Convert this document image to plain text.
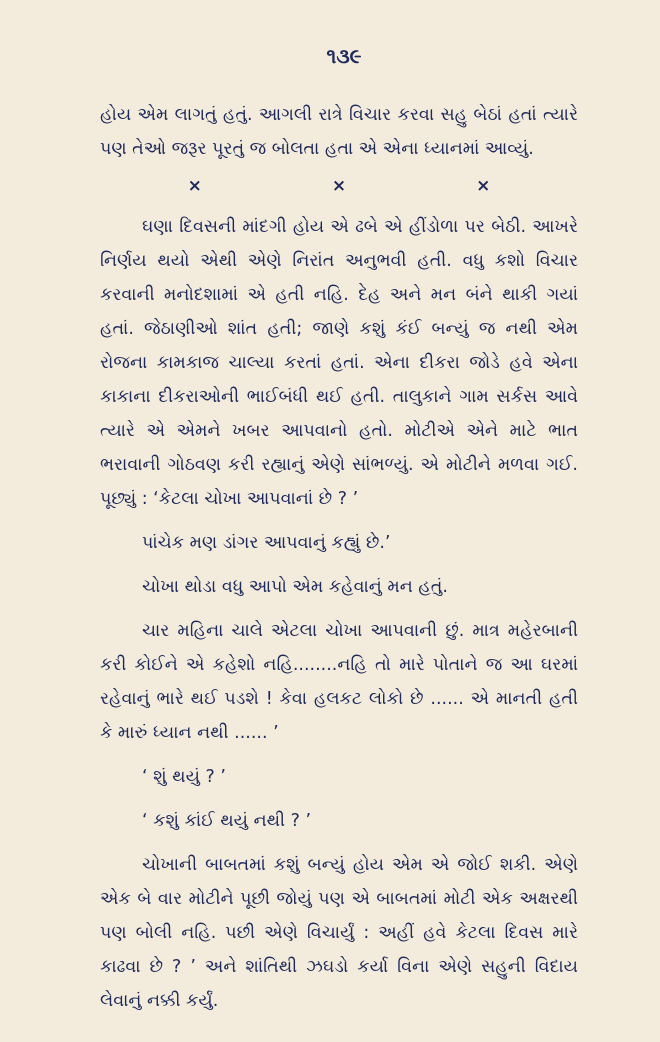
૧૩૯

હોય એમ લાગતું હતું. આગલી રાત્રે વિચાર કરવા સહુ બેઠાં હતાં ત્યારે પણ તેઓ જરૂર પૂરતું જ બોલતા હતા એ એના ધ્યાનમાં આવ્યું.

×	×	×

ઘણા દિવસની માંદગી હોય એ ઢબે એ હીંડોળા પર બેઠી. આખરે નિર્ણય થયો એથી એણે નિરાંત અનુભવી હતી. વધુ કશો વિચાર કરવાની મનોદશામાં એ હતી નહિ. દેહ અને મન બંને થાકી ગયાં હતાં. જેઠાણીઓ શાંત હતી; જાણે કશું કંઈ બન્યું જ નથી એમ રોજના કામકાજ ચાલ્યા કરતાં હતાં. એના દીકરા જોડે હવે એના કાકાના દીકરાઓની ભાઈબંધી થઈ હતી. તાલુકાને ગામ સર્કસ આવે ત્યારે એ એમને ખબર આપવાનો હતો. મોટીએ એને માટે ભાત ભરાવાની ગોઠવણ કરી રહ્યાનું એણે સાંભળ્યું. એ મોટીને મળવા ગઈ. પૂછ્યું : ‘કેટલા ચોખા આપવાનાં છે ? ’

પાંચેક મણ ડાંગર આપવાનું કહ્યું છે.’

ચોખા થોડા વધુ આપો એમ કહેવાનું મન હતું.

ચાર મહિના ચાલે એટલા ચોખા આપવાની છું. માત્ર મહેરબાની કરી કોઈને એ કહેશો નહિ........નહિ તો મારે પોતાને જ આ ઘરમાં રહેવાનું ભારે થઈ પડશે ! કેવા હલકટ લોકો છે ...... એ માનતી હતી કે મારું ધ્યાન નથી ...... ’

‘ શું થયું ? ’

‘ કશું કાંઈ થયું નથી ? ’

ચોખાની બાબતમાં કશું બન્યું હોય એમ એ જોઈ શકી. એણે એક બે વાર મોટીને પૂછી જોયું પણ એ બાબતમાં મોટી એક અક્ષરથી પણ બોલી નહિ. પછી એણે વિચાર્યું : અહીં હવે કેટલા દિવસ મારે કાઢવા છે ? ’ અને શાંતિથી ઝઘડો કર્યા વિના એણે સહુની વિદાય લેવાનું નક્કી કર્યું.
